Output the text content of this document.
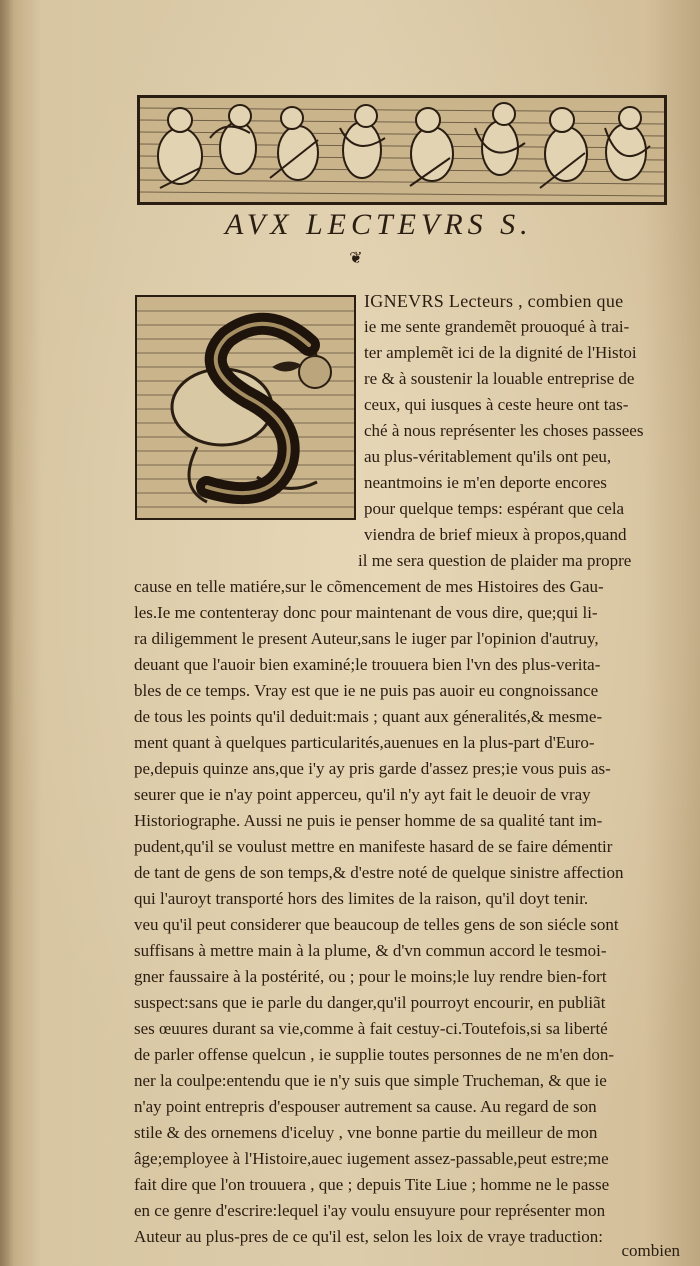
AVX LECTEVRS S.
❦
IGNEVRS Lecteurs , combien que
ie me sente grandemẽt prouoqué à trai-
ter amplemẽt ici de la dignité de l'Histoi
re & à soustenir la louable entreprise de
ceux, qui iusques à ceste heure ont tas-
ché à nous représenter les choses passees
au plus-véritablement qu'ils ont peu,
neantmoins ie m'en deporte encores
pour quelque temps: espérant que cela
viendra de brief mieux à propos,quand
il me sera question de plaider ma propre
cause en telle matiére,sur le cõmencement de mes Histoires des Gau-
les.Ie me contenteray donc pour maintenant de vous dire, que;qui li-
ra diligemment le present Auteur,sans le iuger par l'opinion d'autruy,
deuant que l'auoir bien examiné;le trouuera bien l'vn des plus-verita-
bles de ce temps. Vray est que ie ne puis pas auoir eu congnoissance
de tous les points qu'il deduit:mais ; quant aux géneralités,& mesme-
ment quant à quelques particularités,auenues en la plus-part d'Euro-
pe,depuis quinze ans,que i'y ay pris garde d'assez pres;ie vous puis as-
seurer que ie n'ay point apperceu, qu'il n'y ayt fait le deuoir de vray
Historiographe. Aussi ne puis ie penser homme de sa qualité tant im-
pudent,qu'il se voulust mettre en manifeste hasard de se faire démentir
de tant de gens de son temps,& d'estre noté de quelque sinistre affection
qui l'auroyt transporté hors des limites de la raison, qu'il doyt tenir.
veu qu'il peut considerer que beaucoup de telles gens de son siécle sont
suffisans à mettre main à la plume, & d'vn commun accord le tesmoi-
gner faussaire à la postérité, ou ; pour le moins;le luy rendre bien-fort
suspect:sans que ie parle du danger,qu'il pourroyt encourir, en publiãt
ses œuures durant sa vie,comme à fait cestuy-ci.Toutefois,si sa liberté
de parler offense quelcun , ie supplie toutes personnes de ne m'en don-
ner la coulpe:entendu que ie n'y suis que simple Trucheman, & que ie
n'ay point entrepris d'espouser autrement sa cause. Au regard de son
stile & des ornemens d'iceluy , vne bonne partie du meilleur de mon
âge;employee à l'Histoire,auec iugement assez-passable,peut estre;me
fait dire que l'on trouuera , que ; depuis Tite Liue ; homme ne le passe
en ce genre d'escrire:lequel i'ay voulu ensuyure pour représenter mon
Auteur au plus-pres de ce qu'il est, selon les loix de vraye traduction:
combien
